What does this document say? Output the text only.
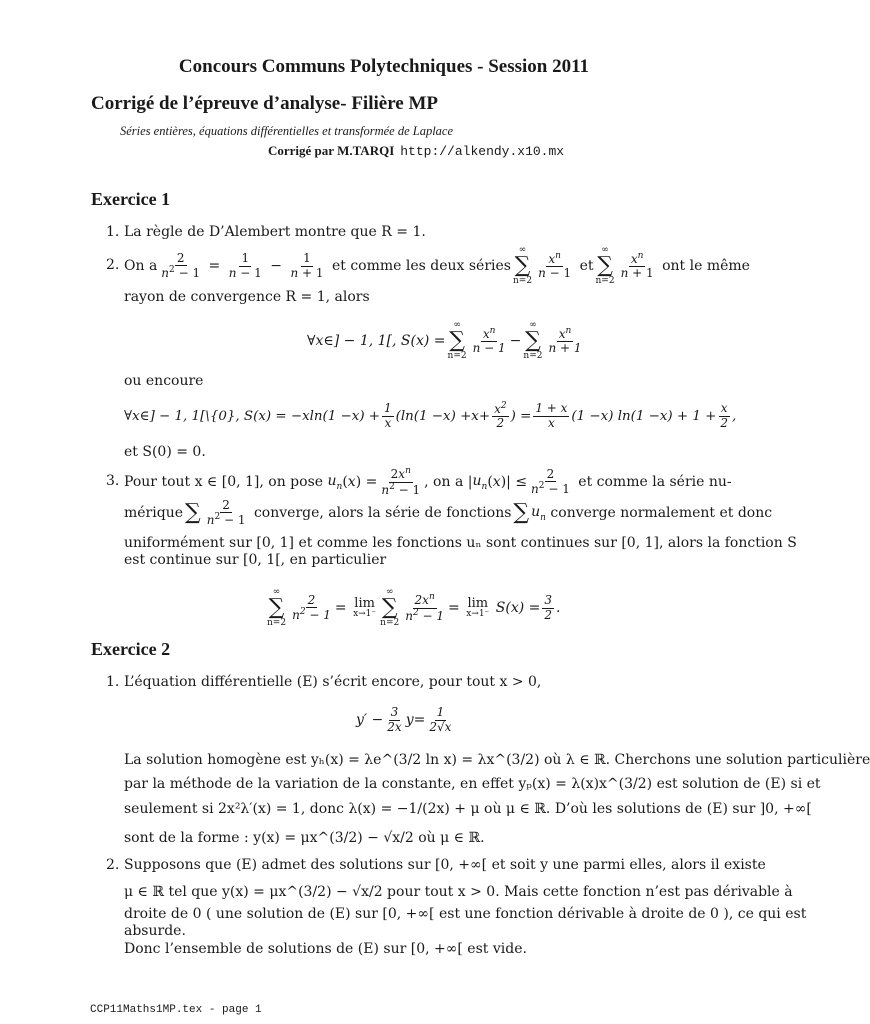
Concours Communs Polytechniques - Session 2011
Corrigé de l’épreuve d’analyse- Filière MP
Séries entières, équations différentielles et transformée de Laplace
Corrigé par M.TARQI http://alkendy.x10.mx
Exercice 1
1. La règle de D’Alembert montre que R = 1.
2. On a $\frac{2}{n^2 - 1} = \frac{1}{n - 1} - \frac{1}{n + 1}$
et comme les deux séries
∞
∑
n=2
$\frac{x^n}{n - 1}$
et
∞
∑
n=2
$\frac{x^n}{n + 1}$
ont le même
rayon de convergence R = 1, alors
∀ x ∈] − 1, 1[, S ( x ) =
∞
∑
n=2
$\frac{x^n}{n - 1}$ −
∞
∑
n=2
$\frac{x^n}{n + 1}$
ou encoure
∀ x ∈] − 1, 1[\{0}, S ( x ) = − x ln(1 − x ) + $\frac{1}{x} (\ln(1 - x$ ) + $x + \frac{x^2}{2}$ ) = $\frac{1 + x}{x} (1 - x$ ) ln(1 − x ) + $1 + \frac{x}{2}$ ,
et S(0) = 0.
3. Pour tout x ∈ [0, 1], on pose
$u_n$ ( x ) = $\frac{2x^n}{n^2 - 1}$ , on a | $u_n$ ( x )| ≤ $\frac{2}{n^2 - 1}$
et comme la série nu-
mérique ∑ $\frac{2}{n^2 - 1}$
converge, alors la série de fonctions ∑ $u_n$
converge normalement et donc
uniformément sur [0, 1] et comme les fonctions uₙ sont continues sur [0, 1], alors la fonction S
est continue sur [0, 1[, en particulier
∞
∑
n=2
$\frac{2}{n^2 - 1} = \lim$
x→1⁻
∞
∑
n=2
$\frac{2x^n}{n^2 - 1} = \lim$
x→1⁻
S ( x ) = $\frac{3}{2}$ .
Exercice 2
1. L’équation différentielle (E) s’écrit encore, pour tout x > 0,
y ′ − $\frac{3}{2x}$ $y = \frac{1}{2√x}$
La solution homogène est yₕ(x) = λe^(3/2 ln x) = λx^(3/2) où λ ∈ ℝ. Cherchons une solution particulière
par la méthode de la variation de la constante, en effet yₚ(x) = λ(x)x^(3/2) est solution de (E) si et
seulement si 2x²λ′(x) = 1, donc λ(x) = −1/(2x) + μ où μ ∈ ℝ. D’où les solutions de (E) sur ]0, +∞[
sont de la forme : y(x) = μx^(3/2) − √x/2 où μ ∈ ℝ.
2. Supposons que (E) admet des solutions sur [0, +∞[ et soit y une parmi elles, alors il existe
μ ∈ ℝ tel que y(x) = μx^(3/2) − √x/2 pour tout x > 0. Mais cette fonction n’est pas dérivable à
droite de 0 ( une solution de (E) sur [0, +∞[ est une fonction dérivable à droite de 0 ), ce qui est
absurde.
Donc l’ensemble de solutions de (E) sur [0, +∞[ est vide.
CCP11Maths1MP.tex - page 1
